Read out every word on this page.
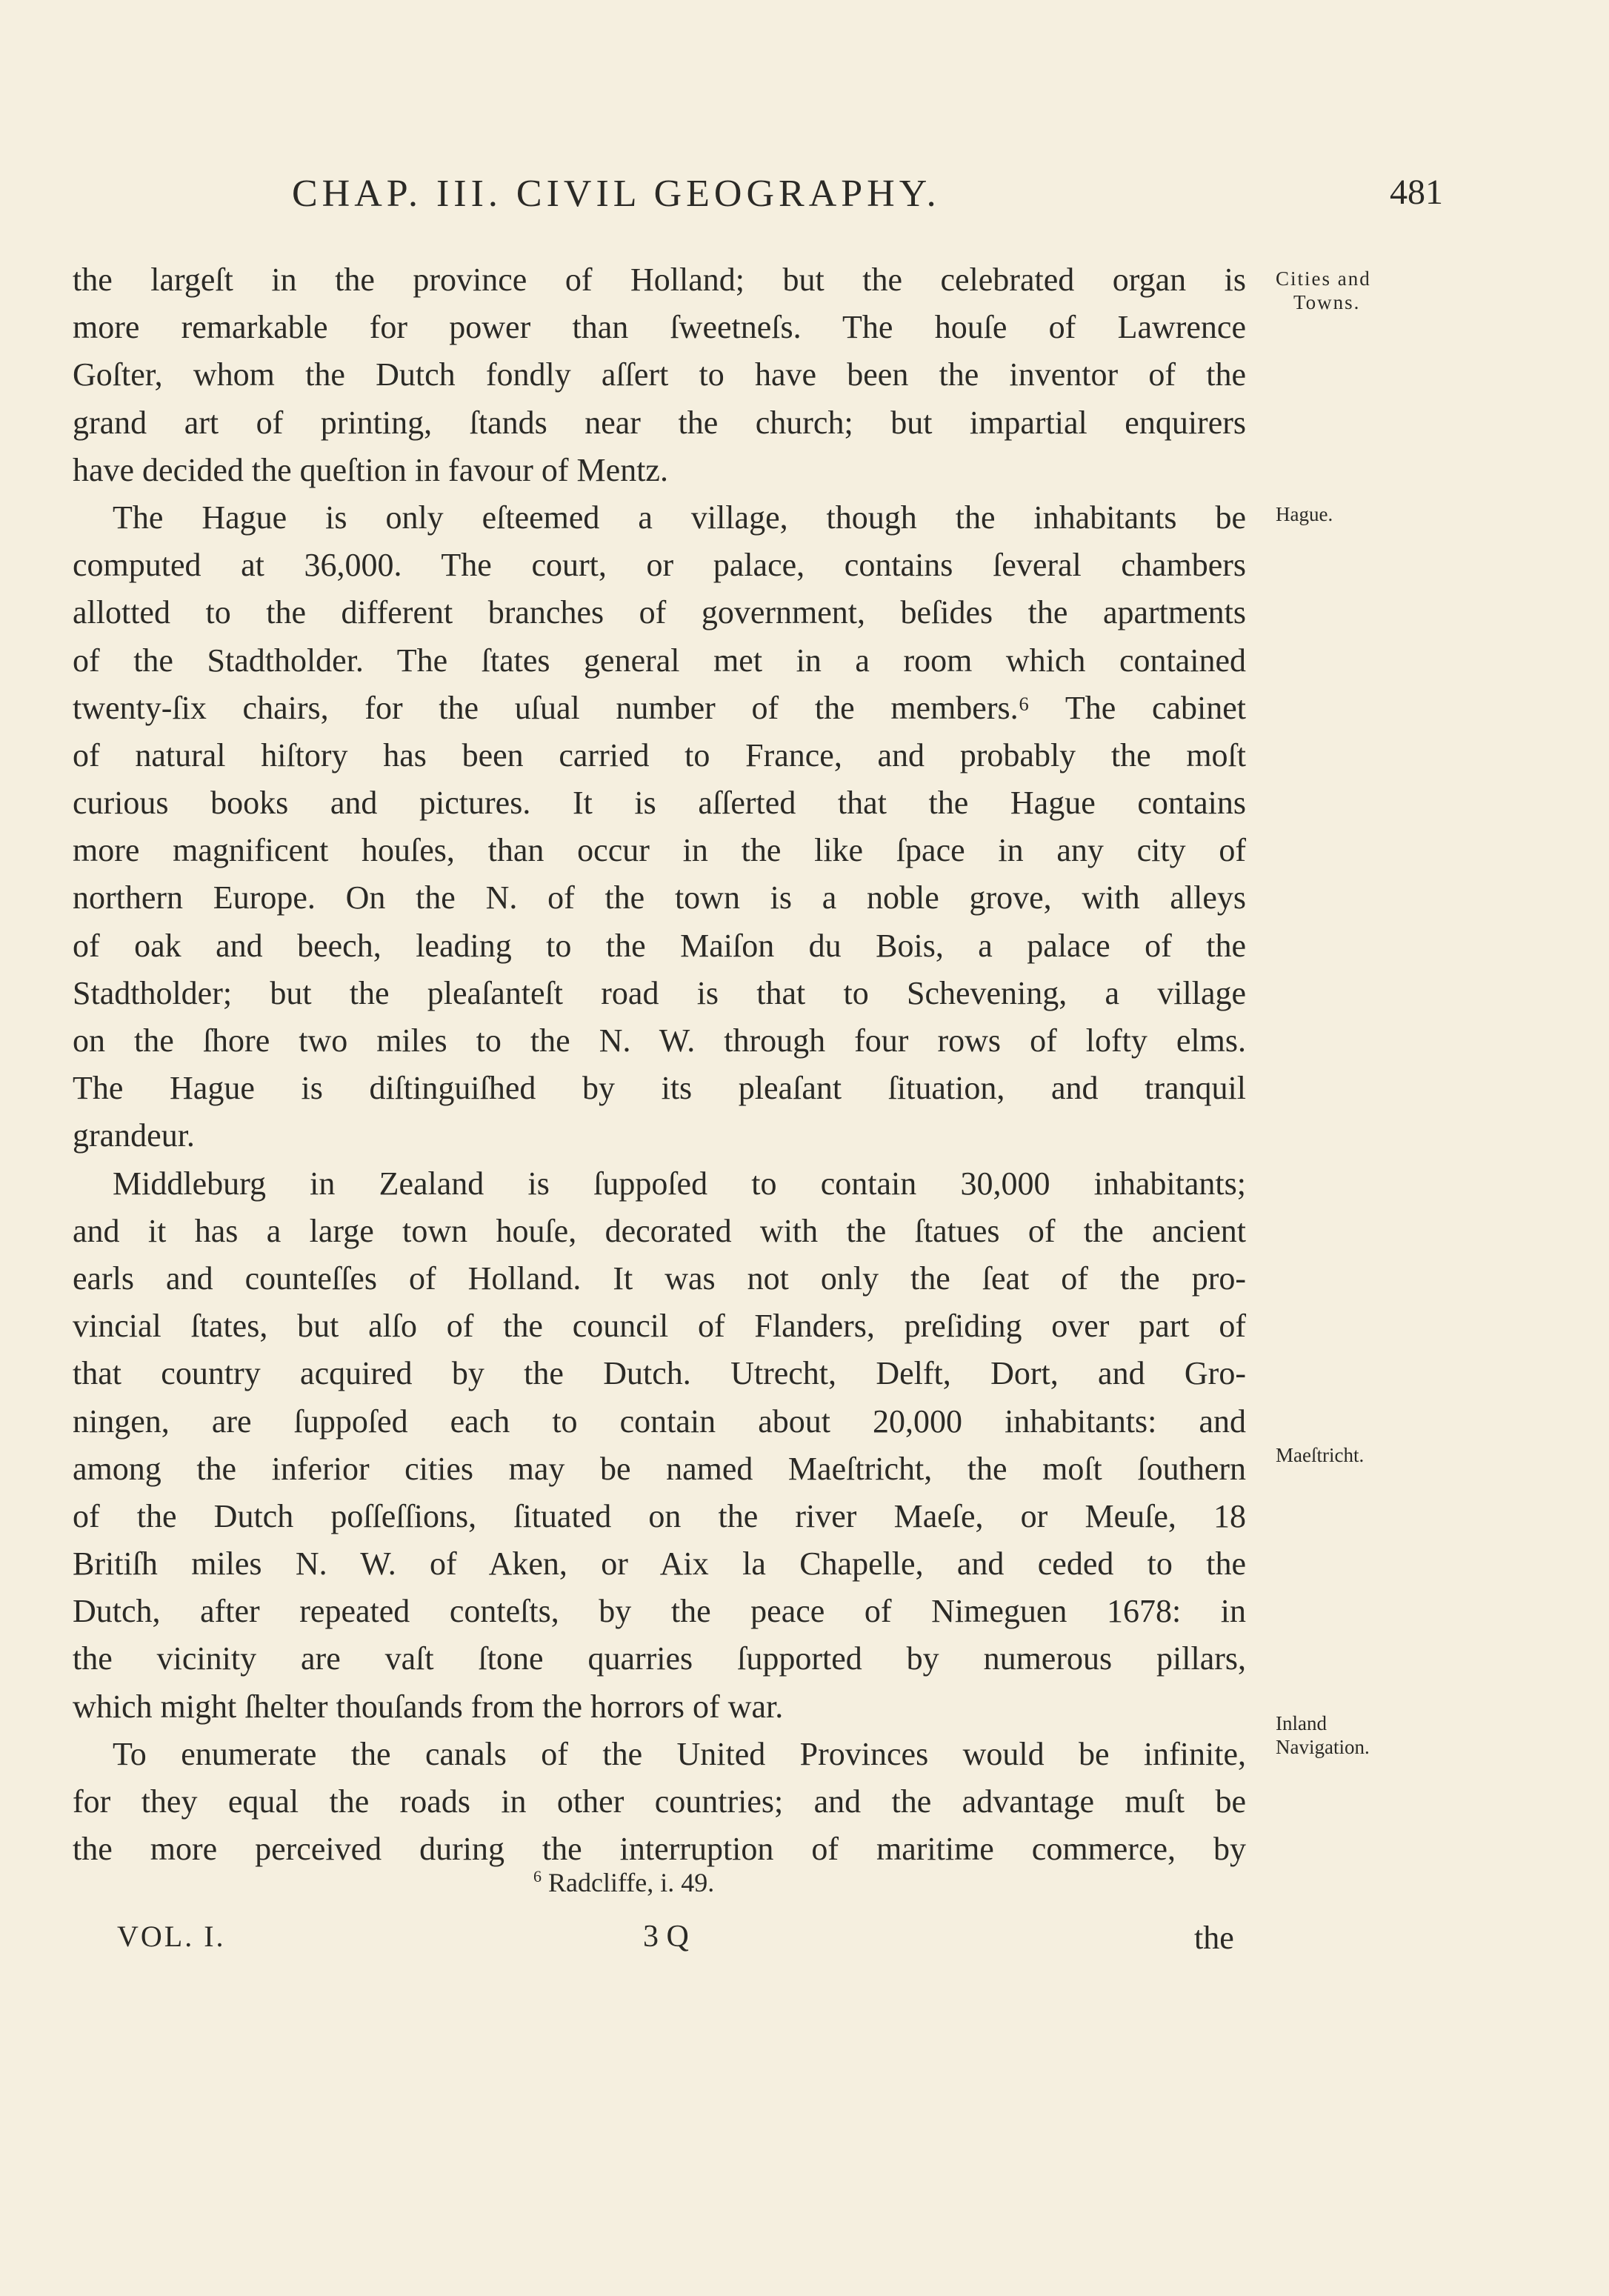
CHAP. III. CIVIL GEOGRAPHY.	481
the largeſt in the province of Holland; but the celebrated organ is
more remarkable for power than ſweetneſs. The houſe of Lawrence
Goſter, whom the Dutch fondly aſſert to have been the inventor of the
grand art of printing, ſtands near the church; but impartial enquirers
have decided the queſtion in favour of Mentz.
The Hague is only eſteemed a village, though the inhabitants be
computed at 36,000. The court, or palace, contains ſeveral chambers
allotted to the different branches of government, beſides the apartments
of the Stadtholder. The ſtates general met in a room which contained
twenty-ſix chairs, for the uſual number of the members.⁶ The cabinet
of natural hiſtory has been carried to France, and probably the moſt
curious books and pictures. It is aſſerted that the Hague contains
more magnificent houſes, than occur in the like ſpace in any city of
northern Europe. On the N. of the town is a noble grove, with alleys
of oak and beech, leading to the Maiſon du Bois, a palace of the
Stadtholder; but the pleaſanteſt road is that to Schevening, a village
on the ſhore two miles to the N. W. through four rows of lofty elms.
The Hague is diſtinguiſhed by its pleaſant ſituation, and tranquil
grandeur.
Middleburg in Zealand is ſuppoſed to contain 30,000 inhabitants;
and it has a large town houſe, decorated with the ſtatues of the ancient
earls and counteſſes of Holland. It was not only the ſeat of the pro-
vincial ſtates, but alſo of the council of Flanders, preſiding over part of
that country acquired by the Dutch. Utrecht, Delft, Dort, and Gro-
ningen, are ſuppoſed each to contain about 20,000 inhabitants: and
among the inferior cities may be named Maeſtricht, the moſt ſouthern
of the Dutch poſſeſſions, ſituated on the river Maeſe, or Meuſe, 18
Britiſh miles N. W. of Aken, or Aix la Chapelle, and ceded to the
Dutch, after repeated conteſts, by the peace of Nimeguen 1678: in
the vicinity are vaſt ſtone quarries ſupported by numerous pillars,
which might ſhelter thouſands from the horrors of war.
To enumerate the canals of the United Provinces would be infinite,
for they equal the roads in other countries; and the advantage muſt be
the more perceived during the interruption of maritime commerce, by
Cities and
Towns.
Hague.
Maeſtricht.
Inland
Navigation.
$^6$ Radcliffe, i. 49.
VOL. I.	3 Q	the
